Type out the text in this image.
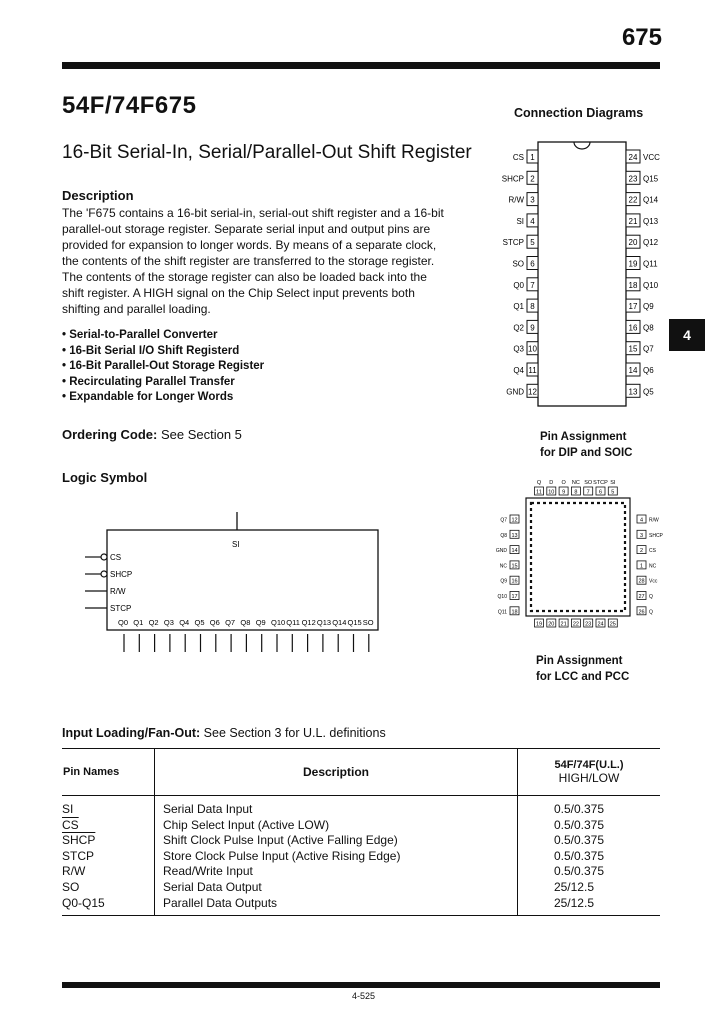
675
54F/74F675
16-Bit Serial-In, Serial/Parallel-Out Shift Register
Description
The 'F675 contains a 16-bit serial-in, serial-out shift register and a 16-bit
parallel-out storage register. Separate serial input and output pins are
provided for expansion to longer words. By means of a separate clock,
the contents of the shift register are transferred to the storage register.
The contents of the storage register can also be loaded back into the
shift register. A HIGH signal on the Chip Select input prevents both
shifting and parallel loading.
• Serial-to-Parallel Converter
• 16-Bit Serial I/O Shift Registerd
• 16-Bit Parallel-Out Storage Register
• Recirculating Parallel Transfer
• Expandable for Longer Words
Ordering Code: See Section 5
Logic Symbol
SI
CS
SHCP
R/W
STCP
Q0 Q1 Q2 Q3 Q4 Q5 Q6 Q7 Q8 Q9 Q10 Q11 Q12 Q13 Q14 Q15 SO
4
Connection Diagrams
1
CS
2
SHCP
3
R/W
4
SI
5
STCP
6
SO
7
Q0
8
Q1
9
Q2
10
Q3
11
Q4
12
GND
24 VCC
23 Q15
22 Q14
21 Q13
20 Q12
19 Q11
18 Q10
17 Q9
16 Q8
15 Q7
14 Q6
13 Q5
Pin Assignment
for DIP and SOIC
Q D O NC SO STCP SI
11 10 9 8 7 6 5
19 20 21 22 23 24 25
12
Q7
13
Q8
14
GND
15
NC
16
Q9
17
Q10
18
Q11
4 R/W
3 SHCP
2 CS
1 NC
28 Vcc
27 Q
26 Q
Pin Assignment
for LCC and PCC
Input Loading/Fan-Out: See Section 3 for U.L. definitions
Pin Names	Description	54F/74F(U.L.)
HIGH/LOW

SI	Serial Data Input	0.5/0.375
$\overline{CS}$	Chip Select Input (Active LOW)	0.5/0.375
SHCP	Shift Clock Pulse Input (Active Falling Edge)	0.5/0.375
STCP	Store Clock Pulse Input (Active Rising Edge)	0.5/0.375
R/W	Read/Write Input	0.5/0.375
SO	Serial Data Output	25/12.5
Q0-Q15	Parallel Data Outputs	25/12.5
4-525
